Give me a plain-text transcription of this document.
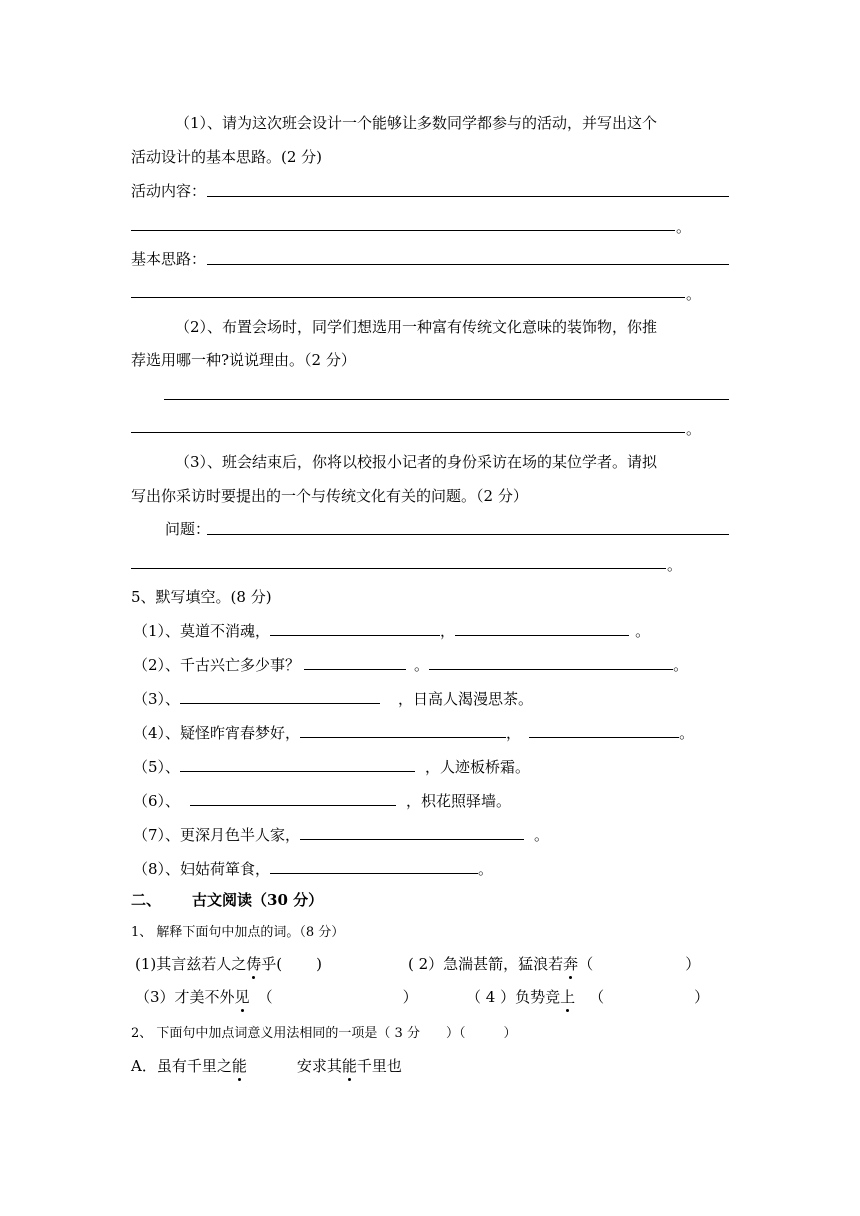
（1）、请为这次班会设计一个能够让多数同学都参与的活动，并写出这个
活动设计的基本思路。(2 分)
活动内容：
。
基本思路：
。
（2）、布置会场时，同学们想选用一种富有传统文化意味的装饰物，你推
荐选用哪一种?说说理由。（2 分）
。
（3）、班会结束后，你将以校报小记者的身份采访在场的某位学者。请拟
写出你采访时要提出的一个与传统文化有关的问题。（2 分）
问题：
。
5、默写填空。(8 分)
（1）、莫道不消魂，	，	。
（2）、千古兴亡多少事？	。	。
（3）、	，日高人渴漫思茶。
（4）、疑怪昨宵春梦好，	，	。
（5）、	，人迹板桥霜。
（6）、	，枳花照驿墙。
（7）、更深月色半人家，	。
（8）、妇姑荷箪食，	。
二、 古文阅读（30 分）
1、 解释下面句中加点的词。（8 分）
(1)其言兹若人之俦乎( )	( 2）急湍甚箭，猛浪若奔（	）
（3）才美不外见 （	）	（ 4 ）负势竞上 （	）
2、 下面句中加点词意义用法相同的一项是（ 3 分 ）（	）
A．虽有千里之能	安求其能千里也
